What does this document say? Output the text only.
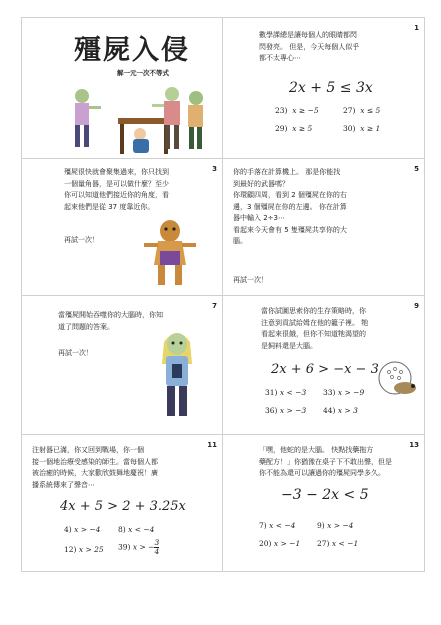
殭屍入侵
解一元一次不等式
1
數學課總是讓每個人的眼睛都閃
閃發亮。 但是，今天每個人似乎
都不太專心⋯
2x + 5 ≤ 3x
23) x ≥ −5	27) x ≤ 5
29) x ≥ 5	30) x ≥ 1
3
殭屍很快就會聚集過來，你只找到
一個量角器，是可以做什麼？至少
你可以知道他們接近你的角度，看
起來他們是從 37 度靠近你。
再試一次！
5
你的手落在計算機上。 那是你能找
到最好的武器嗎？
你環顧四周，看到 2 個殭屍在你的右
邊，3 個殭屍在你的左邊。 你在計算
器中輸入 2÷3⋯
看起來今天會有 5 隻殭屍共享你的大
腦。
再試一次！
7
當殭屍開始吞噬你的大腦時，你知
道了問題的答案。
再試一次！
9
當你試圖思索你的生存策略時，你
注意到貢試給姆在他的籠子裡。 牠
看起來很餓，但你不知道牠渴望的
是飼料還是大腦。
2x + 6 > −x − 3
31) x < −3 33) x > −9
36) x > −3 44) x > 3
11
注射器已滿，你又回到戰場，你一個
接一個地治療受感染的師生。當每個人都
被治癒的時候，大家歡欣鼓舞地慶祝！廣
播系統傳來了聲音⋯
4x + 5 > 2 + 3.25x
4) x > −4 8) x < −4
12) x > 25 39) x > − $\frac{3}{4}$
13
「嘿，他蛇的是大腦。 快點找藥拖方
藥配方！」你猶豫在桌子下不敢出聲，但是
你不能為還可以讓過你的殭屍同學多久。
−3 − 2x < 5
7) x < −4	9) x > −4
20) x > −1 27) x < −1
